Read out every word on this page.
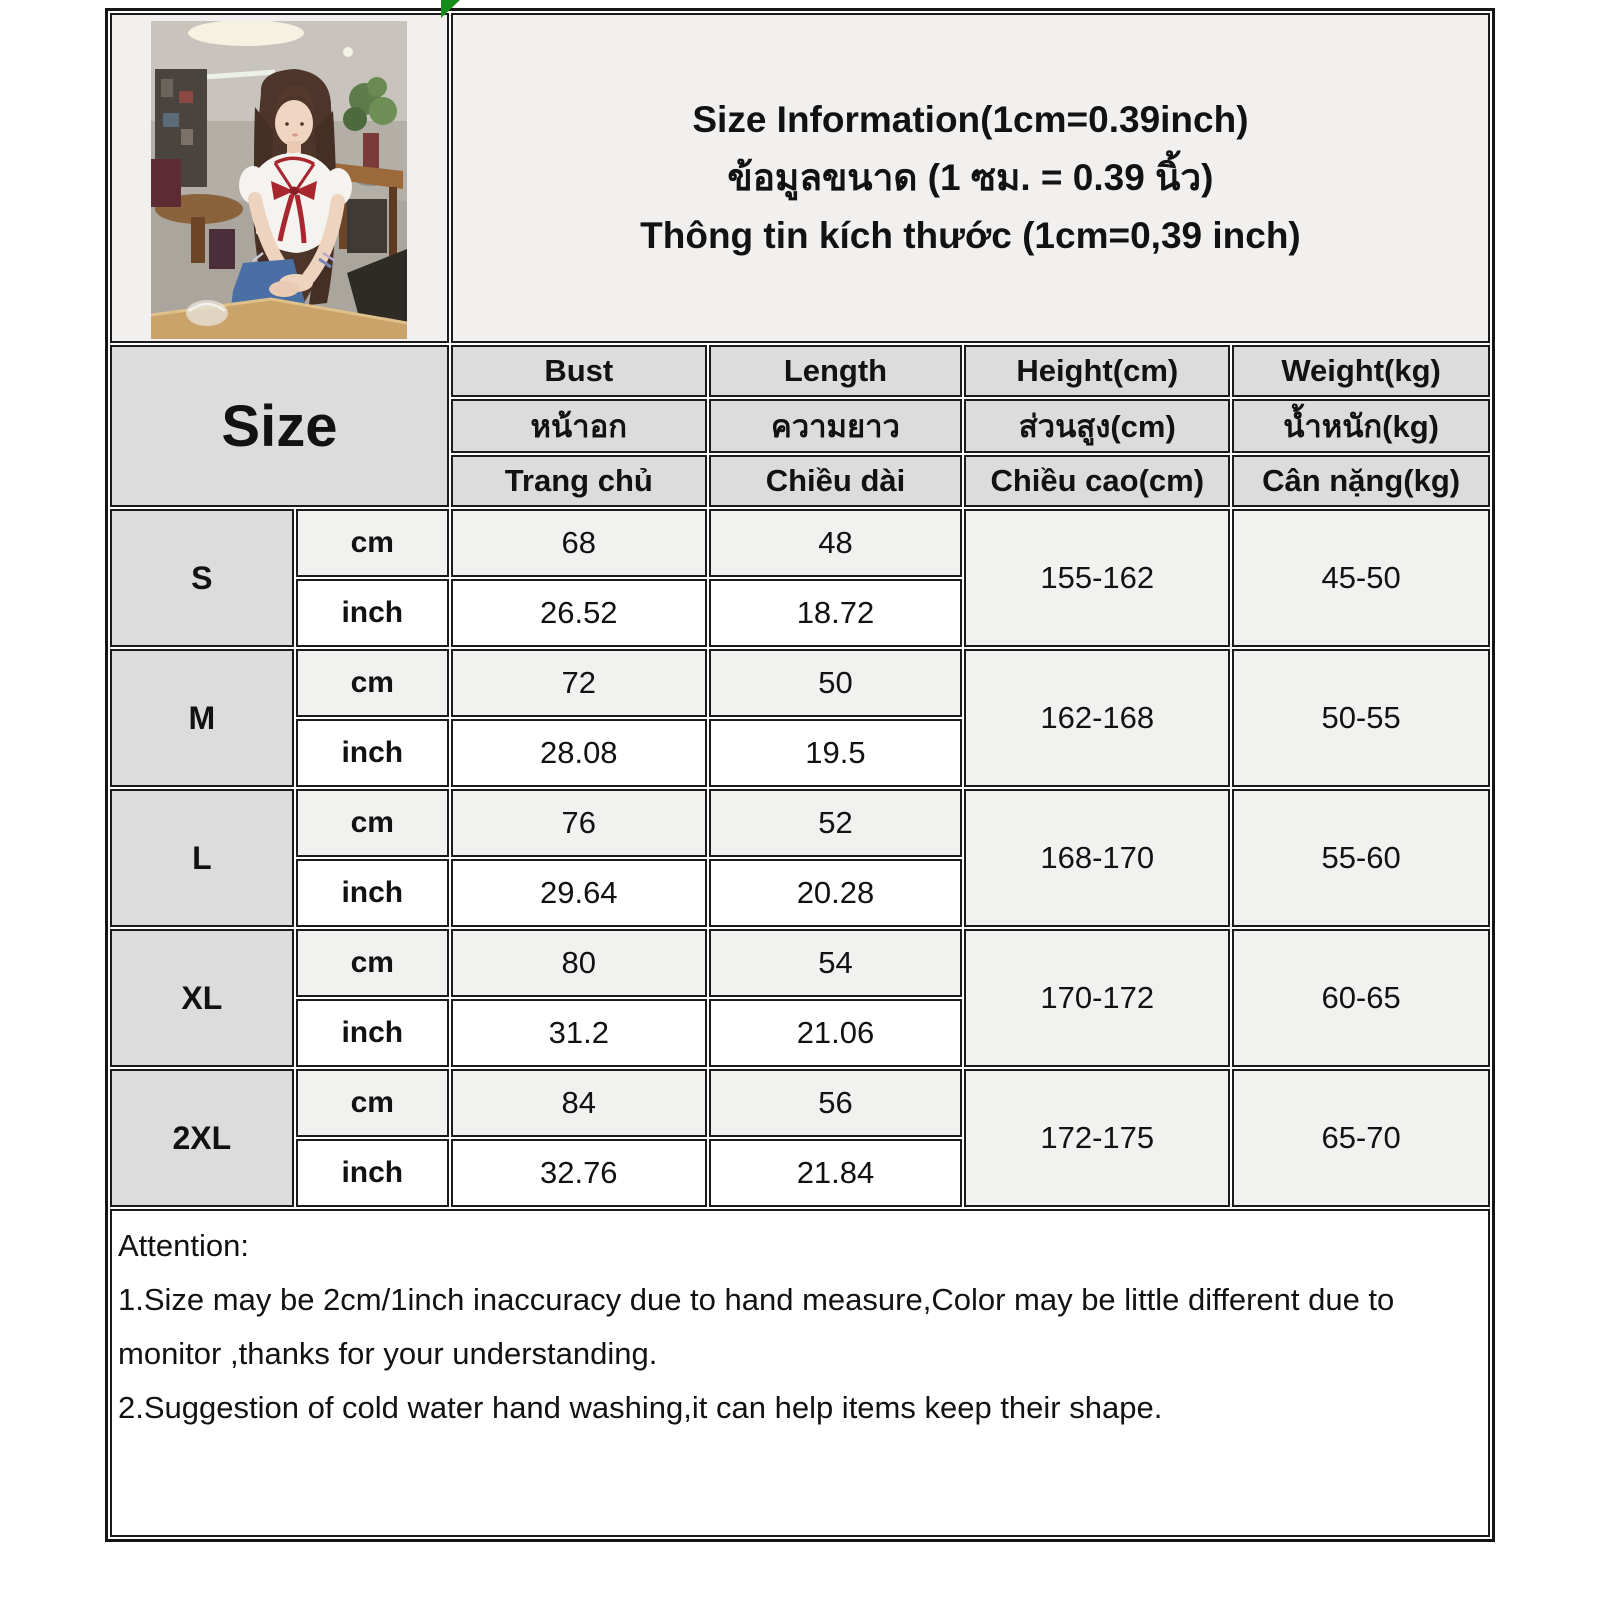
Size Information(1cm=0.39inch)
ข้อมูลขนาด (1 ซม. = 0.39 นิ้ว)
Thông tin kích thước (1cm=0,39 inch)			

Size		Bust	Length	Height(cm)	Weight(kg)
		หน้าอก	ความยาว	ส่วนสูง(cm)	น้ำหนัก(kg)
		Trang chủ	Chiều dài	Chiều cao(cm)	Cân nặng(kg)
S	cm	68	48	155-162	45-50
	inch	26.52	18.72		
M	cm	72	50	162-168	50-55
	inch	28.08	19.5		
L	cm	76	52	168-170	55-60
	inch	29.64	20.28		
XL	cm	80	54	170-172	60-65
	inch	31.2	21.06		
2XL	cm	84	56	172-175	65-70
	inch	32.76	21.84		

Attention:
1.Size may be 2cm/1inch inaccuracy due to hand measure,Color may be little different due to monitor ,thanks for your understanding.
2.Suggestion of cold water hand washing,it can help items keep their shape.					
